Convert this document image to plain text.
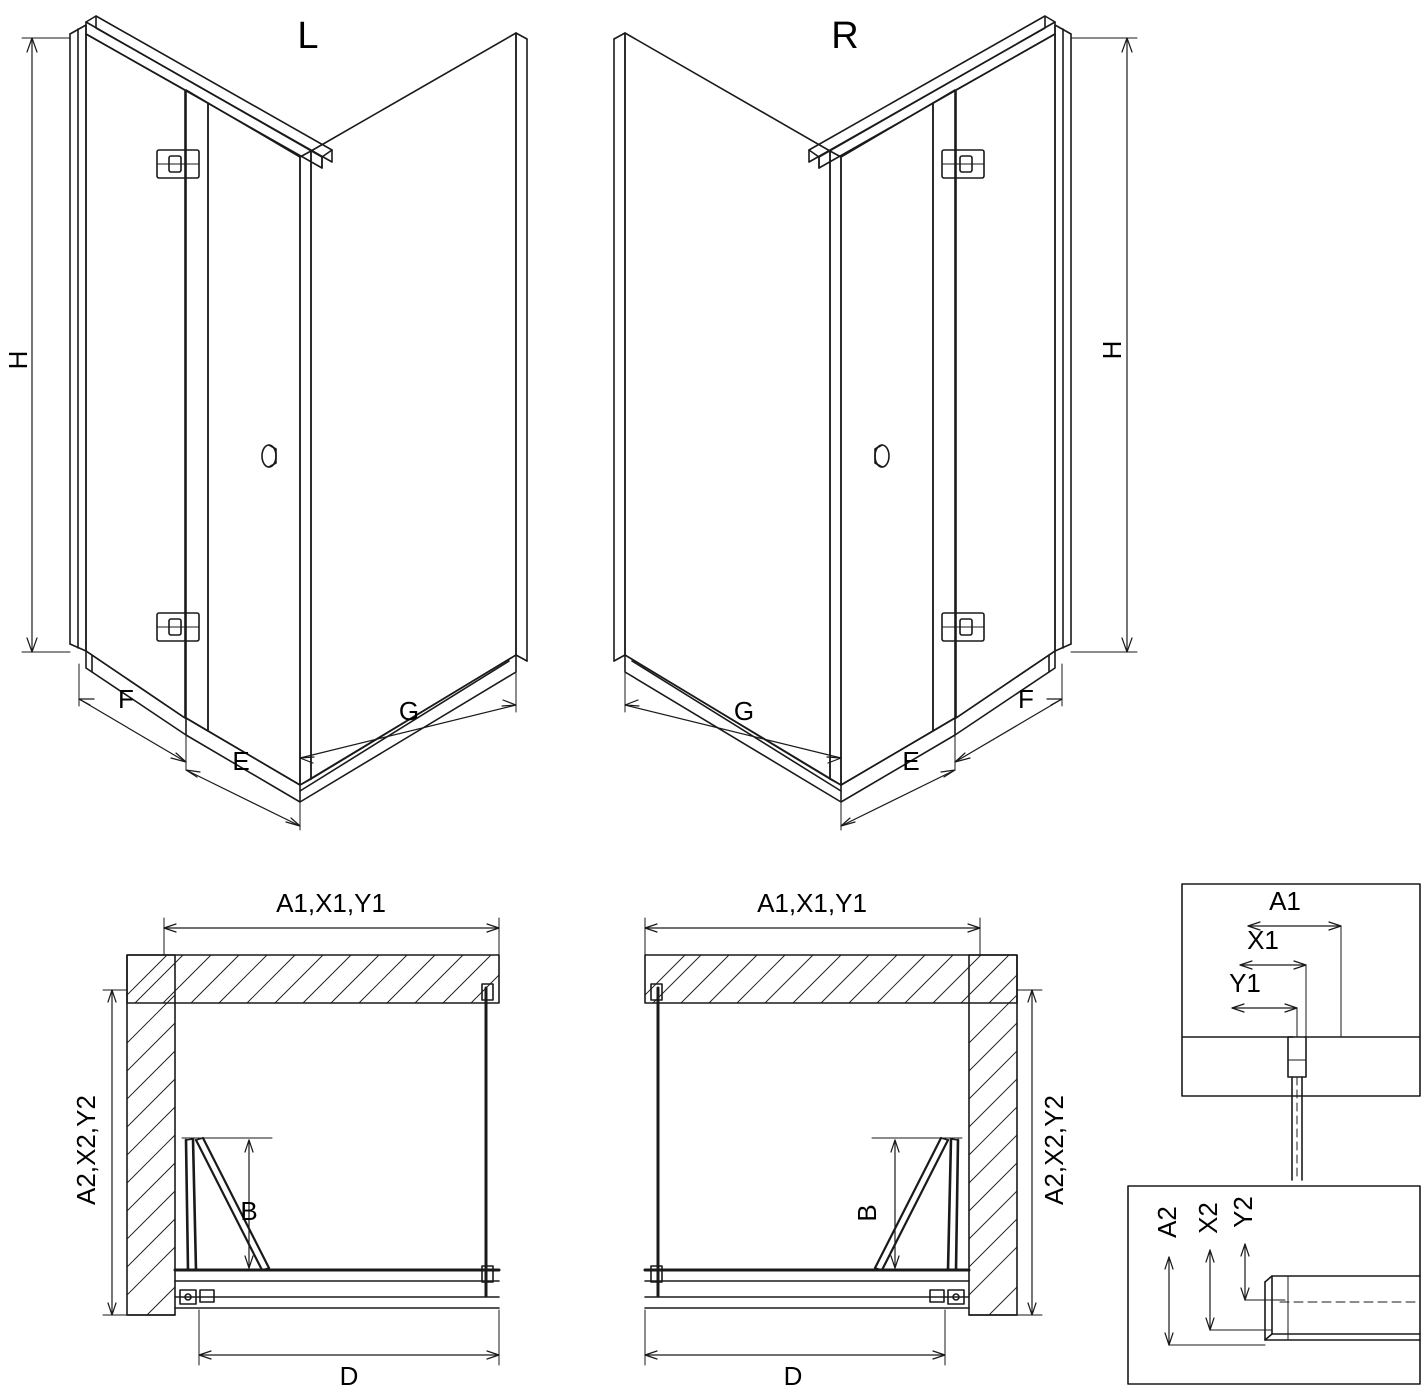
L	R
H
H
F
E
G	G
E
F
A1,X1,Y1	A1,X1,Y1
A2,X2,Y2	A2,X2,Y2
B	B
D	D
A1
X1
Y1
A2 X2 Y2
